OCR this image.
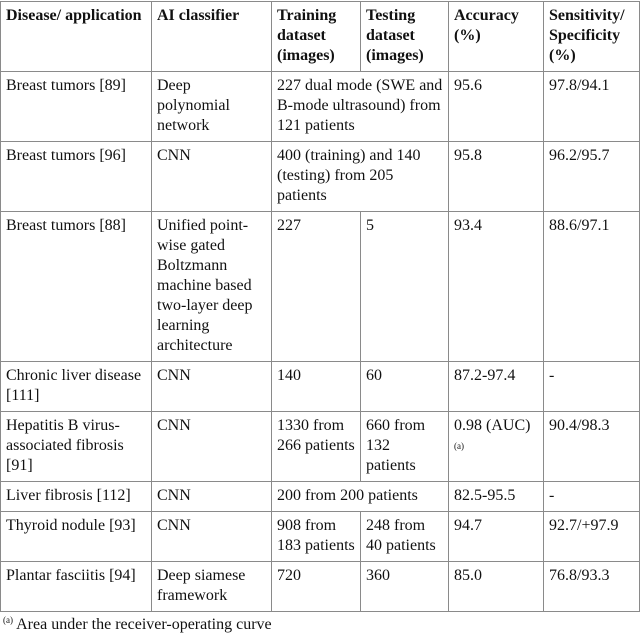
Disease/ application	AI classifier	Training dataset (images)	Testing dataset (images)	Accuracy (%)	Sensitivity/ Specificity (%)
Breast tumors [89]	Deep polynomial network	227 dual mode (SWE and B-mode ultrasound) from 121 patients		95.6	97.8/94.1
Breast tumors [96]	CNN	400 (training) and 140 (testing) from 205 patients		95.8	96.2/95.7
Breast tumors [88]	Unified point-wise gated Boltzmann machine based two-layer deep learning architecture	227	5	93.4	88.6/97.1
Chronic liver disease [111]	CNN	140	60	87.2-97.4	-
Hepatitis B virus-associated fibrosis [91]	CNN	1330 from 266 patients	660 from 132 patients	0.98 (AUC)$^{(a)}$	90.4/98.3
Liver fibrosis [112]	CNN	200 from 200 patients		82.5-95.5	-
Thyroid nodule [93]	CNN	908 from 183 patients	248 from 40 patients	94.7	92.7/+97.9
Plantar fasciitis [94]	Deep siamese framework	720	360	85.0	76.8/93.3
$^{(a)}$ Area under the receiver-operating curve
